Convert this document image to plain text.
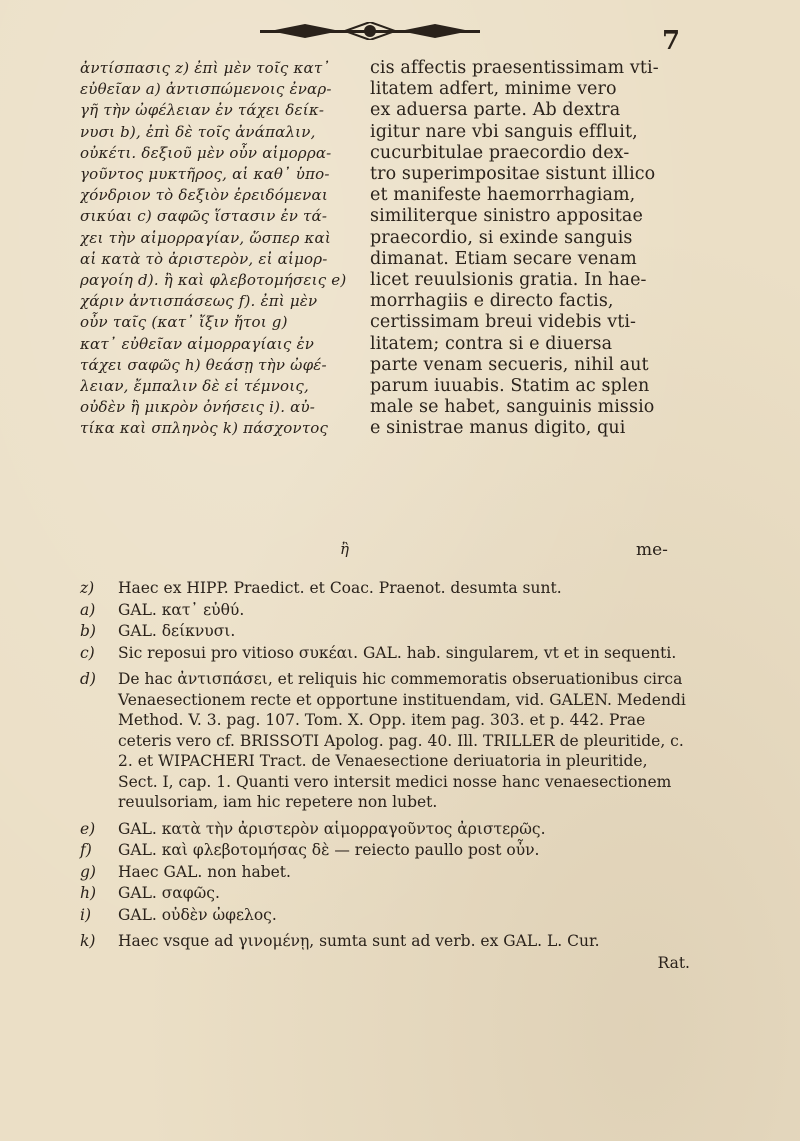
7
ἀντίσπασις z) ἐπὶ μὲν τοῖς κατ᾽
εὐθεῖαν a) ἀντισπώμενοις ἐναρ-
γῆ τὴν ὠφέλειαν ἐν τάχει δείκ-
νυσι b), ἐπὶ δὲ τοῖς ἀνάπαλιν,
οὐκέτι. δεξιοῦ μὲν οὖν αἱμορρα-
γοῦντος μυκτῆρος, αἱ καθ᾽ ὑπο-
χόνδριον τὸ δεξιὸν ἐρειδόμεναι
σικύαι c) σαφῶς ἵστασιν ἐν τά-
χει τὴν αἱμορραγίαν, ὥσπερ καὶ
αἱ κατὰ τὸ ἀριστερὸν, εἰ αἱμορ-
ραγοίη d). ἢ καὶ φλεβοτομήσεις e)
χάριν ἀντισπάσεως f). ἐπὶ μὲν
οὖν ταῖς (κατ᾽ ἴξιν ἤτοι g)
κατ᾽ εὐθεῖαν αἱμορραγίαις ἐν
τάχει σαφῶς h) θεάσῃ τὴν ὠφέ-
λειαν, ἔμπαλιν δὲ εἰ τέμνοις,
οὐδὲν ἢ μικρὸν ὀνήσεις i). αὐ-
τίκα καὶ σπληνὸς k) πάσχοντος
cis affectis praesentissimam vti-
litatem adfert, minime vero
ex aduersa parte. Ab dextra
igitur nare vbi sanguis effluit,
cucurbitulae praecordio dex-
tro superimpositae sistunt illico
et manifeste haemorrhagiam,
similiterque sinistro appositae
praecordio, si exinde sanguis
dimanat. Etiam secare venam
licet reuulsionis gratia. In hae-
morrhagiis e directo factis,
certissimam breui videbis vti-
litatem; contra si e diuersa
parte venam secueris, nihil aut
parum iuuabis. Statim ac splen
male se habet, sanguinis missio
e sinistrae manus digito, qui
ἢ	me-
z)	Haec ex HIPP. Praedict. et Coac. Praenot. desumta sunt.
a)	GAL. κατ᾽ εὐθύ.
b)	GAL. δείκνυσι.
c)	Sic reposui pro vitioso συκέαι. GAL. hab. singularem, vt et in sequenti.
d)	De hac ἀντισπάσει, et reliquis hic commemoratis obseruationibus circa Venaesectionem recte et opportune instituendam, vid. GALEN. Medendi Method. V. 3. pag. 107. Tom. X. Opp. item pag. 303. et p. 442. Prae ceteris vero cf. BRISSOTI Apolog. pag. 40. Ill. TRILLER de pleuritide, c. 2. et WIPACHERI Tract. de Venaesectione deriuatoria in pleuritide, Sect. I, cap. 1. Quanti vero intersit medici nosse hanc venaesectionem reuulsoriam, iam hic repetere non lubet.
e)	GAL. κατὰ τὴν ἀριστερὸν αἱμορραγοῦντος ἀριστερῶς.
f)	GAL. καὶ φλεβοτομήσας δὲ — reiecto paullo post οὖν.
g)	Haec GAL. non habet.
h)	GAL. σαφῶς.
i)	GAL. οὐδὲν ὠφελος.
k)	Haec vsque ad γινομένῃ, sumta sunt ad verb. ex GAL. L. Cur.
Rat.
